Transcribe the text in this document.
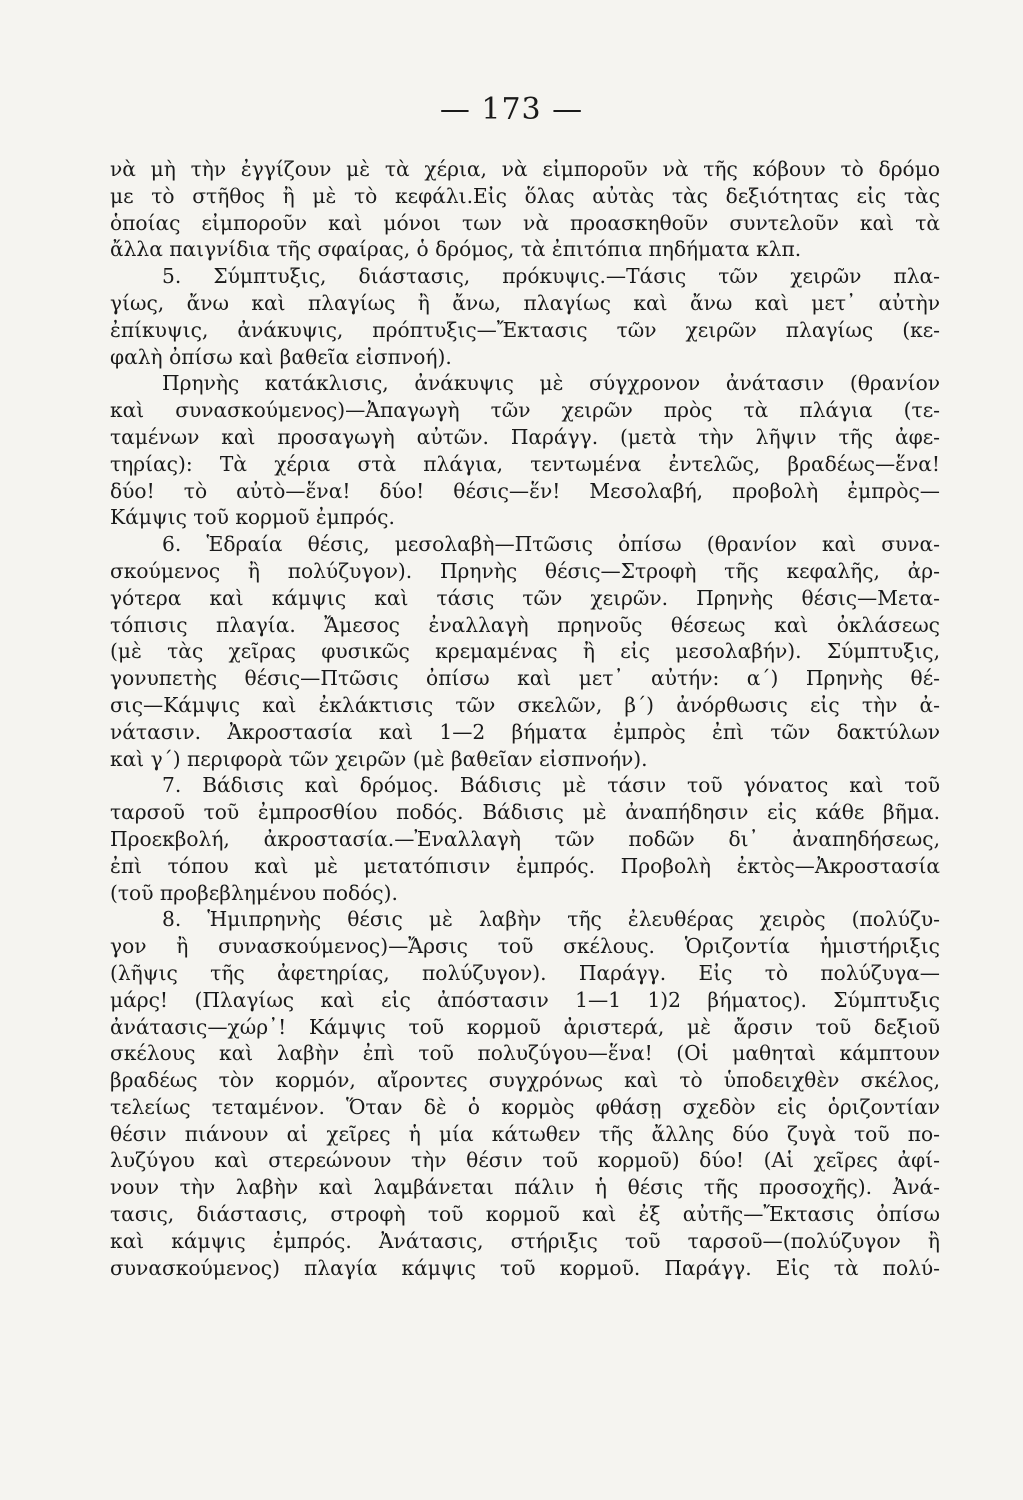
— 173 —
νὰ μὴ τὴν ἐγγίζουν μὲ τὰ χέρια, νὰ εἰμποροῦν νὰ τῆς κόβουν τὸ δρόμο
με τὸ στῆθος ἢ μὲ τὸ κεφάλι.Εἰς ὅλας αὐτὰς τὰς δεξιότητας εἰς τὰς
ὁποίας εἰμποροῦν καὶ μόνοι των νὰ προασκηθοῦν συντελοῦν καὶ τὰ
ἄλλα παιγνίδια τῆς σφαίρας, ὁ δρόμος, τὰ ἐπιτόπια πηδήματα κλπ.
5. Σύμπτυξις, διάστασις, πρόκυψις.—Τάσις τῶν χειρῶν πλα-
γίως, ἄνω καὶ πλαγίως ἢ ἄνω, πλαγίως καὶ ἄνω καὶ μετ᾽ αὐτὴν
ἐπίκυψις, ἀνάκυψις, πρόπτυξις—Ἔκτασις τῶν χειρῶν πλαγίως (κε-
φαλὴ ὀπίσω καὶ βαθεῖα εἰσπνοή).
Πρηνὴς κατάκλισις, ἀνάκυψις μὲ σύγχρονον ἀνάτασιν (θρανίον
καὶ συνασκούμενος)—Ἀπαγωγὴ τῶν χειρῶν πρὸς τὰ πλάγια (τε-
ταμένων καὶ προσαγωγὴ αὐτῶν. Παράγγ. (μετὰ τὴν λῆψιν τῆς ἀφε-
τηρίας): Τὰ χέρια στὰ πλάγια, τεντωμένα ἐντελῶς, βραδέως—ἕνα!
δύο! τὸ αὐτὸ—ἕνα! δύο! θέσις—ἕν! Μεσολαβή, προβολὴ ἐμπρὸς—
Κάμψις τοῦ κορμοῦ ἐμπρός.
6. Ἑδραία θέσις, μεσολαβὴ—Πτῶσις ὀπίσω (θρανίον καὶ συνα-
σκούμενος ἢ πολύζυγον). Πρηνὴς θέσις—Στροφὴ τῆς κεφαλῆς, ἀρ-
γότερα καὶ κάμψις καὶ τάσις τῶν χειρῶν. Πρηνὴς θέσις—Μετα-
τόπισις πλαγία. Ἄμεσος ἐναλλαγὴ πρηνοῦς θέσεως καὶ ὀκλάσεως
(μὲ τὰς χεῖρας φυσικῶς κρεμαμένας ἢ εἰς μεσολαβήν). Σύμπτυξις,
γονυπετὴς θέσις—Πτῶσις ὀπίσω καὶ μετ᾽ αὐτήν: α΄) Πρηνὴς θέ-
σις—Κάμψις καὶ ἐκλάκτισις τῶν σκελῶν, β΄) ἀνόρθωσις εἰς τὴν ἀ-
νάτασιν. Ἀκροστασία καὶ 1—2 βήματα ἐμπρὸς ἐπὶ τῶν δακτύλων
καὶ γ΄) περιφορὰ τῶν χειρῶν (μὲ βαθεῖαν εἰσπνοήν).
7. Βάδισις καὶ δρόμος. Βάδισις μὲ τάσιν τοῦ γόνατος καὶ τοῦ
ταρσοῦ τοῦ ἐμπροσθίου ποδός. Βάδισις μὲ ἀναπήδησιν εἰς κάθε βῆμα.
Προεκβολή, ἀκροστασία.—Ἐναλλαγὴ τῶν ποδῶν δι᾽ ἀναπηδήσεως,
ἐπὶ τόπου καὶ μὲ μετατόπισιν ἐμπρός. Προβολὴ ἐκτὸς—Ἀκροστασία
(τοῦ προβεβλημένου ποδός).
8. Ἡμιπρηνὴς θέσις μὲ λαβὴν τῆς ἐλευθέρας χειρὸς (πολύζυ-
γον ἢ συνασκούμενος)—Ἄρσις τοῦ σκέλους. Ὁριζοντία ἡμιστήριξις
(λῆψις τῆς ἀφετηρίας, πολύζυγον). Παράγγ. Εἰς τὸ πολύζυγα—
μάρς! (Πλαγίως καὶ εἰς ἀπόστασιν 1—1 1)2 βήματος). Σύμπτυξις
ἀνάτασις—χώρ᾽! Κάμψις τοῦ κορμοῦ ἀριστερά, μὲ ἄρσιν τοῦ δεξιοῦ
σκέλους καὶ λαβὴν ἐπὶ τοῦ πολυζύγου—ἕνα! (Οἱ μαθηταὶ κάμπτουν
βραδέως τὸν κορμόν, αἴροντες συγχρόνως καὶ τὸ ὑποδειχθὲν σκέλος,
τελείως τεταμένον. Ὅταν δὲ ὁ κορμὸς φθάσῃ σχεδὸν εἰς ὁριζοντίαν
θέσιν πιάνουν αἱ χεῖρες ἡ μία κάτωθεν τῆς ἄλλης δύο ζυγὰ τοῦ πο-
λυζύγου καὶ στερεώνουν τὴν θέσιν τοῦ κορμοῦ) δύο! (Αἱ χεῖρες ἀφί-
νουν τὴν λαβὴν καὶ λαμβάνεται πάλιν ἡ θέσις τῆς προσοχῆς). Ἀνά-
τασις, διάστασις, στροφὴ τοῦ κορμοῦ καὶ ἐξ αὐτῆς—Ἔκτασις ὀπίσω
καὶ κάμψις ἐμπρός. Ἀνάτασις, στήριξις τοῦ ταρσοῦ—(πολύζυγον ἢ
συνασκούμενος) πλαγία κάμψις τοῦ κορμοῦ. Παράγγ. Εἰς τὰ πολύ-
